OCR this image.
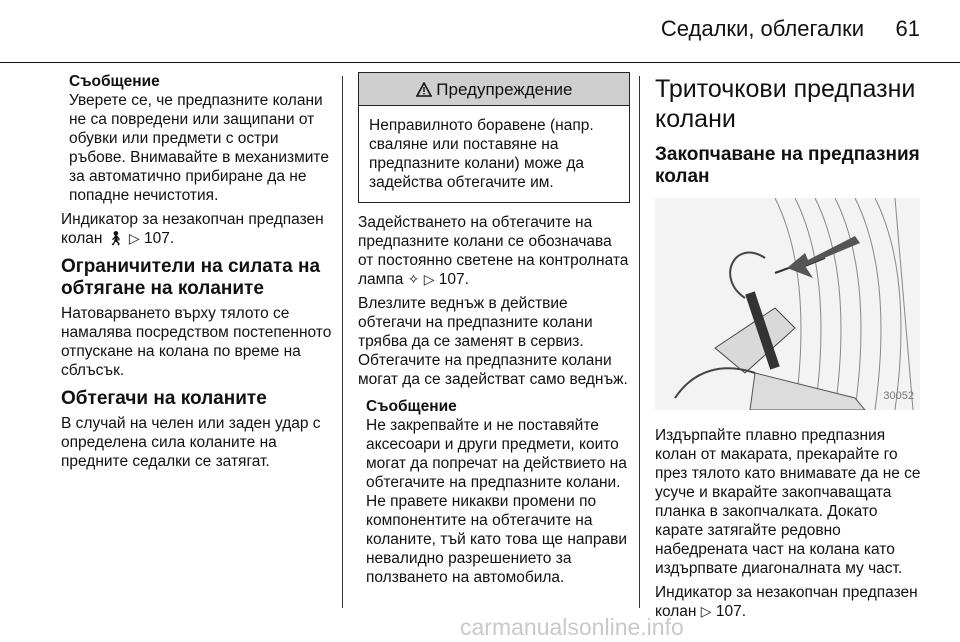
Седалки, облегалки 61
Съобщение

Уверете се, че предпазните колани не са повредени или защипани от обувки или предмети с остри ръбове. Внимавайте в механизмите за автоматично прибиране да не попадне нечистотия.

Индикатор за незакопчан предпазен колан 🚶︎ ▷ 107.

Ограничители на силата на обтягане на коланите

Натоварването върху тялото се намалява посредством постепенното отпускане на колана по време на сблъсък.

Обтегачи на коланите

В случай на челен или заден удар с определена сила коланите на предните седалки се затягат.

Предупреждение
Неправилното боравене (напр. сваляне или поставяне на предпазните колани) може да задейства обтегачите им.

Задействането на обтегачите на предпазните колани се обозначава от постоянно светене на контролната лампа ✧ ▷ 107.

Влезлите веднъж в действие обтегачи на предпазните колани трябва да се заменят в сервиз. Обтегачите на предпазните колани могат да се задействат само веднъж.

Съобщение

Не закрепвайте и не поставяйте аксесоари и други предмети, които могат да попречат на действието на обтегачите на предпазните колани. Не правете никакви промени по компонентите на обтегачите на коланите, тъй като това ще направи невалидно разрешението за ползването на автомобила.

Триточкови предпазни колани
Закопчаване на предпазния колан
30052

Издърпайте плавно предпазния колан от макарата, прекарайте го през тялото като внимавате да не се усуче и вкарайте закопчаващата планка в закопчалката. Докато карате затягайте редовно набедрената част на колана като издърпвате диагоналната му част.

Индикатор за незакопчан предпазен колан ▷ 107.

carmanualsonline.info
